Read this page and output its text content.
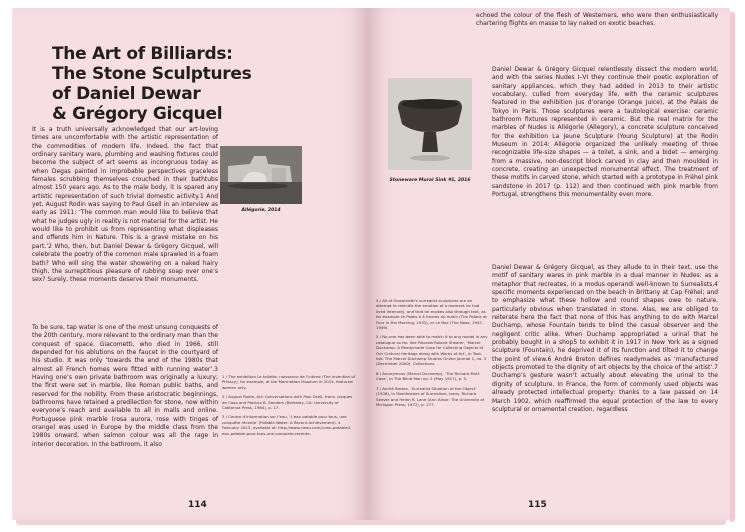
The Art of Billiards:
The Stone Sculptures
of Daniel Dewar
& Grégory Gicquel

It is a truth universally acknowledged that our art-loving times are uncomfortable with the artistic representation of the commodities of modern life. Indeed, the fact that ordinary sanitary ware, plumbing and washing fixtures could become the subject of art seems as incongruous today as when Degas painted in improbable perspectives graceless females scrubbing themselves crouched in their bathtubs almost 150 years ago. As to the male body, it is spared any artistic representation of such trivial domestic activity.1 And yet, August Rodin was saying to Paul Gsell in an interview as early as 1911: ‘The common man would like to believe that what he judges ugly in reality is not material for the artist. He would like to prohibit us from representing what displeases and offends him in Nature. This is a grave mistake on his part.’2 Who, then, but Daniel Dewar & Grégory Gicquel, will celebrate the poetry of the common male sprawled in a foam bath? Who will sing the water showering on a naked hairy thigh, the surreptitious pleasure of rubbing soap over one’s sex? Surely, these moments deserve their monuments.

To be sure, tap water is one of the most unsung conquests of the 20th century, more relevant to the ordinary man than the conquest of space. Giacometti, who died in 1966, still depended for his ablutions on the faucet in the courtyard of his studio. It was only ‘towards the end of the 1980s that almost all French homes were fitted with running water’.3 Having one’s own private bathroom was originally a luxury; the first were set in marble, like Roman public baths, and reserved for the nobility. From these aristocratic beginnings, bathrooms have retained a predilection for stone, now within everyone’s reach and available to all in malls and online. Portuguese pink marble (rosa aurora, rose with tinges of orange) was used in Europe by the middle class from the 1980s onward, when salmon colour was all the rage in interior decoration. In the bathroom, it also

Allégorie, 2014

1 / The exhibition Le toilette, naissance de l’intime (The Invention of Privacy), for example, at the Marmottan Museum in 2015, featured women only.

2 / August Rodin, Art: Conversations with Paul Gsell, trans. Jacques de Caso and Patricia B. Sanders (Berkeley, CA: University of California Press, 1984), p. 17.

3 / Centre d’information sur l’eau, ‘L’eau potable pour tous, une conquête récente’ (Potable Water: A Recent Achievement), 4 February 2013, available at: http://www.cieau.com/l-eau-potable/l-eau-potable-pour-tous-une-conquete-recente.

114

echoed the colour of the flesh of Westerners, who were then enthusiastically chartering flights en masse to lay naked on exotic beaches.

Stoneware Mural Sink #1, 2016

4 / All of Giacometti’s surrealist sculptures are an attempt to rekindle the emotion of a moment he had lived intensely, and that he evokes also through text, as for example Le Palais à 4 heures du matin (The Palace at Four in the Morning, 1932), or Le Nez (The Nose, 1947–1949).

5 / No-one has been able to match it to any model in any catalogue so far. See Rhonda Roland Shearer, ‘Marcel Duchamp: A Readymade Case for Collecting Objects of Our Cultural Heritage along with Works of Art’, in Tout-fait: The Marcel Duchamp Studies Online Journal 1, no. 3 (December 2000). Collections.

6 / Anonymous (Marcel Duchamp), ‘The Richard Mutt Case’, in The Blind Man no. 2 (May 1917), p. 5.

7 / André Breton, ‘Surrealist Situation of the Object’ (1938), in Manifestoes of Surrealism, trans. Richard Seaver and Helen R. Lane (Ann Arbor: The University of Michigan Press, 1972), p. 277.

Daniel Dewar & Grégory Gicquel relentlessly dissect the modern world, and with the series Nudes I–VI they continue their poetic exploration of sanitary appliances, which they had added in 2013 to their artistic vocabulary, culled from everyday life, with the ceramic sculptures featured in the exhibition Jus d’orange (Orange Juice), at the Palais de Tokyo in Paris. Those sculptures were a tautological exercise: ceramic bathroom fixtures represented in ceramic. But the real matrix for the marbles of Nudes is Allégorie (Allegory), a concrete sculpture conceived for the exhibition La Jeune Sculpture (Young Sculpture) at the Rodin Museum in 2014: Allégorie organized the unlikely meeting of three recognizable life-size shapes — a toilet, a sink, and a bidet — emerging from a massive, non-descript block carved in clay and then moulded in concrete, creating an unexpected monumental effect. The treatment of these motifs in carved stone, which started with a prototype in Fréhel pink sandstone in 2017 (p. 112) and then continued with pink marble from Portugal, strengthens this monumentality even more.

Daniel Dewar & Grégory Gicquel, as they allude to in their text, use the motif of sanitary wares in pink marble in a dual manner in Nudes: as a metaphor that recreates, in a modus operandi well-known to Surrealists,4 specific moments experienced on the beach in Brittany at Cap Fréhel; and to emphasize what these hollow and round shapes owe to nature, particularly obvious when translated in stone. Alas, we are obliged to reiterate here the fact that none of this has anything to do with Marcel Duchamp, whose Fountain tends to blind the casual observer and the negligent critic alike. When Duchamp appropriated a urinal that he probably bought in a shop5 to exhibit it in 1917 in New York as a signed sculpture (Fountain), he deprived it of its function and tilted it to change the point of view.6 André Breton defines readymades as ‘manufactured objects promoted to the dignity of art objects by the choice of the artist’.7 Duchamp’s gesture wasn’t actually about elevating the urinal to the dignity of sculpture. In France, the form of commonly used objects was already protected intellectual property: thanks to a law passed on 14 March 1902, which reaffirmed the equal protection of the law to every sculptural or ornamental creation, regardless

115
